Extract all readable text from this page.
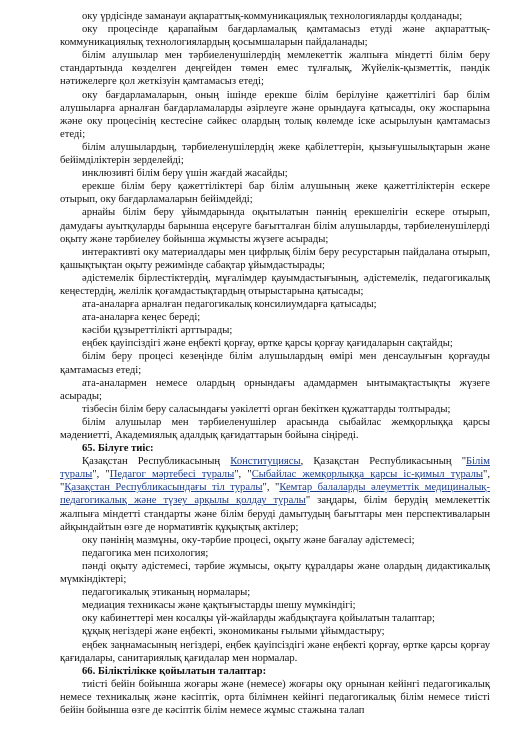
оку үрдісінде заманауи ақпараттық-коммуникациялық технологияларды қолданады;

оку процесінде қарапайым бағдарламалық қамтамасыз етуді және ақпараттық-коммуникациялық технологиялардың қосымшаларын пайдаланады;

білім алушылар мен тәрбиеленушілердің мемлекеттік жалпыға міндетті білім беру стандартында көзделген деңгейден төмен емес тұлғалық, Жүйелік-қызметтік, пәндік нәтижелерге қол жеткізуін қамтамасыз етеді;

оку бағдарламаларын, оның ішінде ерекше білім берілуіне қажеттілігі бар білім алушыларға арналған бағдарламаларды әзірлеуге және орындауға қатысады, оку жоспарына және оку процесінің кестесіне сәйкес олардың толық көлемде іске асырылуын қамтамасыз етеді;

білім алушылардың, тәрбиеленушілердің жеке қабілеттерін, қызығушылықтарын және бейімділіктерін зерделейді;

инклюзивті білім беру үшін жағдай жасайды;

ерекше білім беру қажеттіліктері бар білім алушының жеке қажеттіліктерін ескере отырып, оку бағдарламаларын бейімдейді;

арнайы білім беру ұйымдарында оқытылатын пәннің ерекшелігін ескере отырып, дамудағы ауытқуларды барынша еңсеруге бағытталған білім алушыларды, тәрбиеленушілерді оқыту және тәрбиелеу бойынша жұмысты жүзеге асырады;

интерактивті оку материалдары мен цифрлық білім беру ресурстарын пайдалана отырып, қашықтықтан оқыту режимінде сабақтар ұйымдастырады;

әдістемелік бірлестіктердің, мұғалімдер қауымдастығының, әдістемелік, педагогикалық кеңестердің, желілік қоғамдастықтардың отырыстарына қатысады;

ата-аналарға арналған педагогикалық консилиумдарға қатысады;

ата-аналарға кеңес береді;

кәсіби құзыреттілікті арттырады;

еңбек қауіпсіздігі және еңбекті қорғау, өртке қарсы қорғау қағидаларын сақтайды;

білім беру процесі кезеңінде білім алушылардың өмірі мен денсаулығын қорғауды қамтамасыз етеді;

ата-аналармен немесе олардың орнындағы адамдармен ынтымақтастықты жүзеге асырады;

тізбесін білім беру саласындағы уәкілетті орган бекіткен құжаттарды толтырады;

білім алушылар мен тәрбиеленушілер арасында сыбайлас жемқорлыққа қарсы мәдениетті, Академиялық адалдық қағидаттарын бойына сіңіреді.

65. Білуге тиіс:

Қазақстан Республикасының Конституциясы, Қазақстан Республикасының "Білім туралы", "Педагог мәртебесі туралы", "Сыбайлас жемқорлыққа қарсы іс-қимыл туралы", "Қазақстан Республикасындағы тіл туралы", "Кемтар балаларды әлеуметтік медициналық-педагогикалық және түзеу арқылы қолдау туралы" заңдары, білім берудің мемлекеттік жалпыға міндетті стандарты және білім беруді дамытудың бағыттары мен перспективаларын айқындайтын өзге де нормативтік құқықтық актілер;

оку пәнінің мазмұны, оку-тәрбие процесі, оқыту және бағалау әдістемесі;

педагогика мен психология;

пәнді оқыту әдістемесі, тәрбие жұмысы, оқыту құралдары және олардың дидактикалық мүмкіндіктері;

педагогикалық этиканың нормалары;

медиация техникасы және қақтығыстарды шешу мүмкіндігі;

оку кабинеттері мен косалқы үй-жайларды жабдықтауға қойылатын талаптар;

құқық негіздері және еңбекті, экономиканы ғылыми ұйымдастыру;

еңбек заңнамасының негіздері, еңбек қауіпсіздігі және еңбекті қорғау, өртке қарсы қорғау қағидалары, санитариялық қағидалар мен нормалар.

66. Біліктілікке қойылатын талаптар:

тиісті бейін бойынша жоғары және (немесе) жоғары оқу орнынан кейінгі педагогикалық немесе техникалық және кәсіптік, орта білімнен кейінгі педагогикалық білім немесе тиісті бейін бойынша өзге де кәсіптік білім немесе жұмыс стажына талап
